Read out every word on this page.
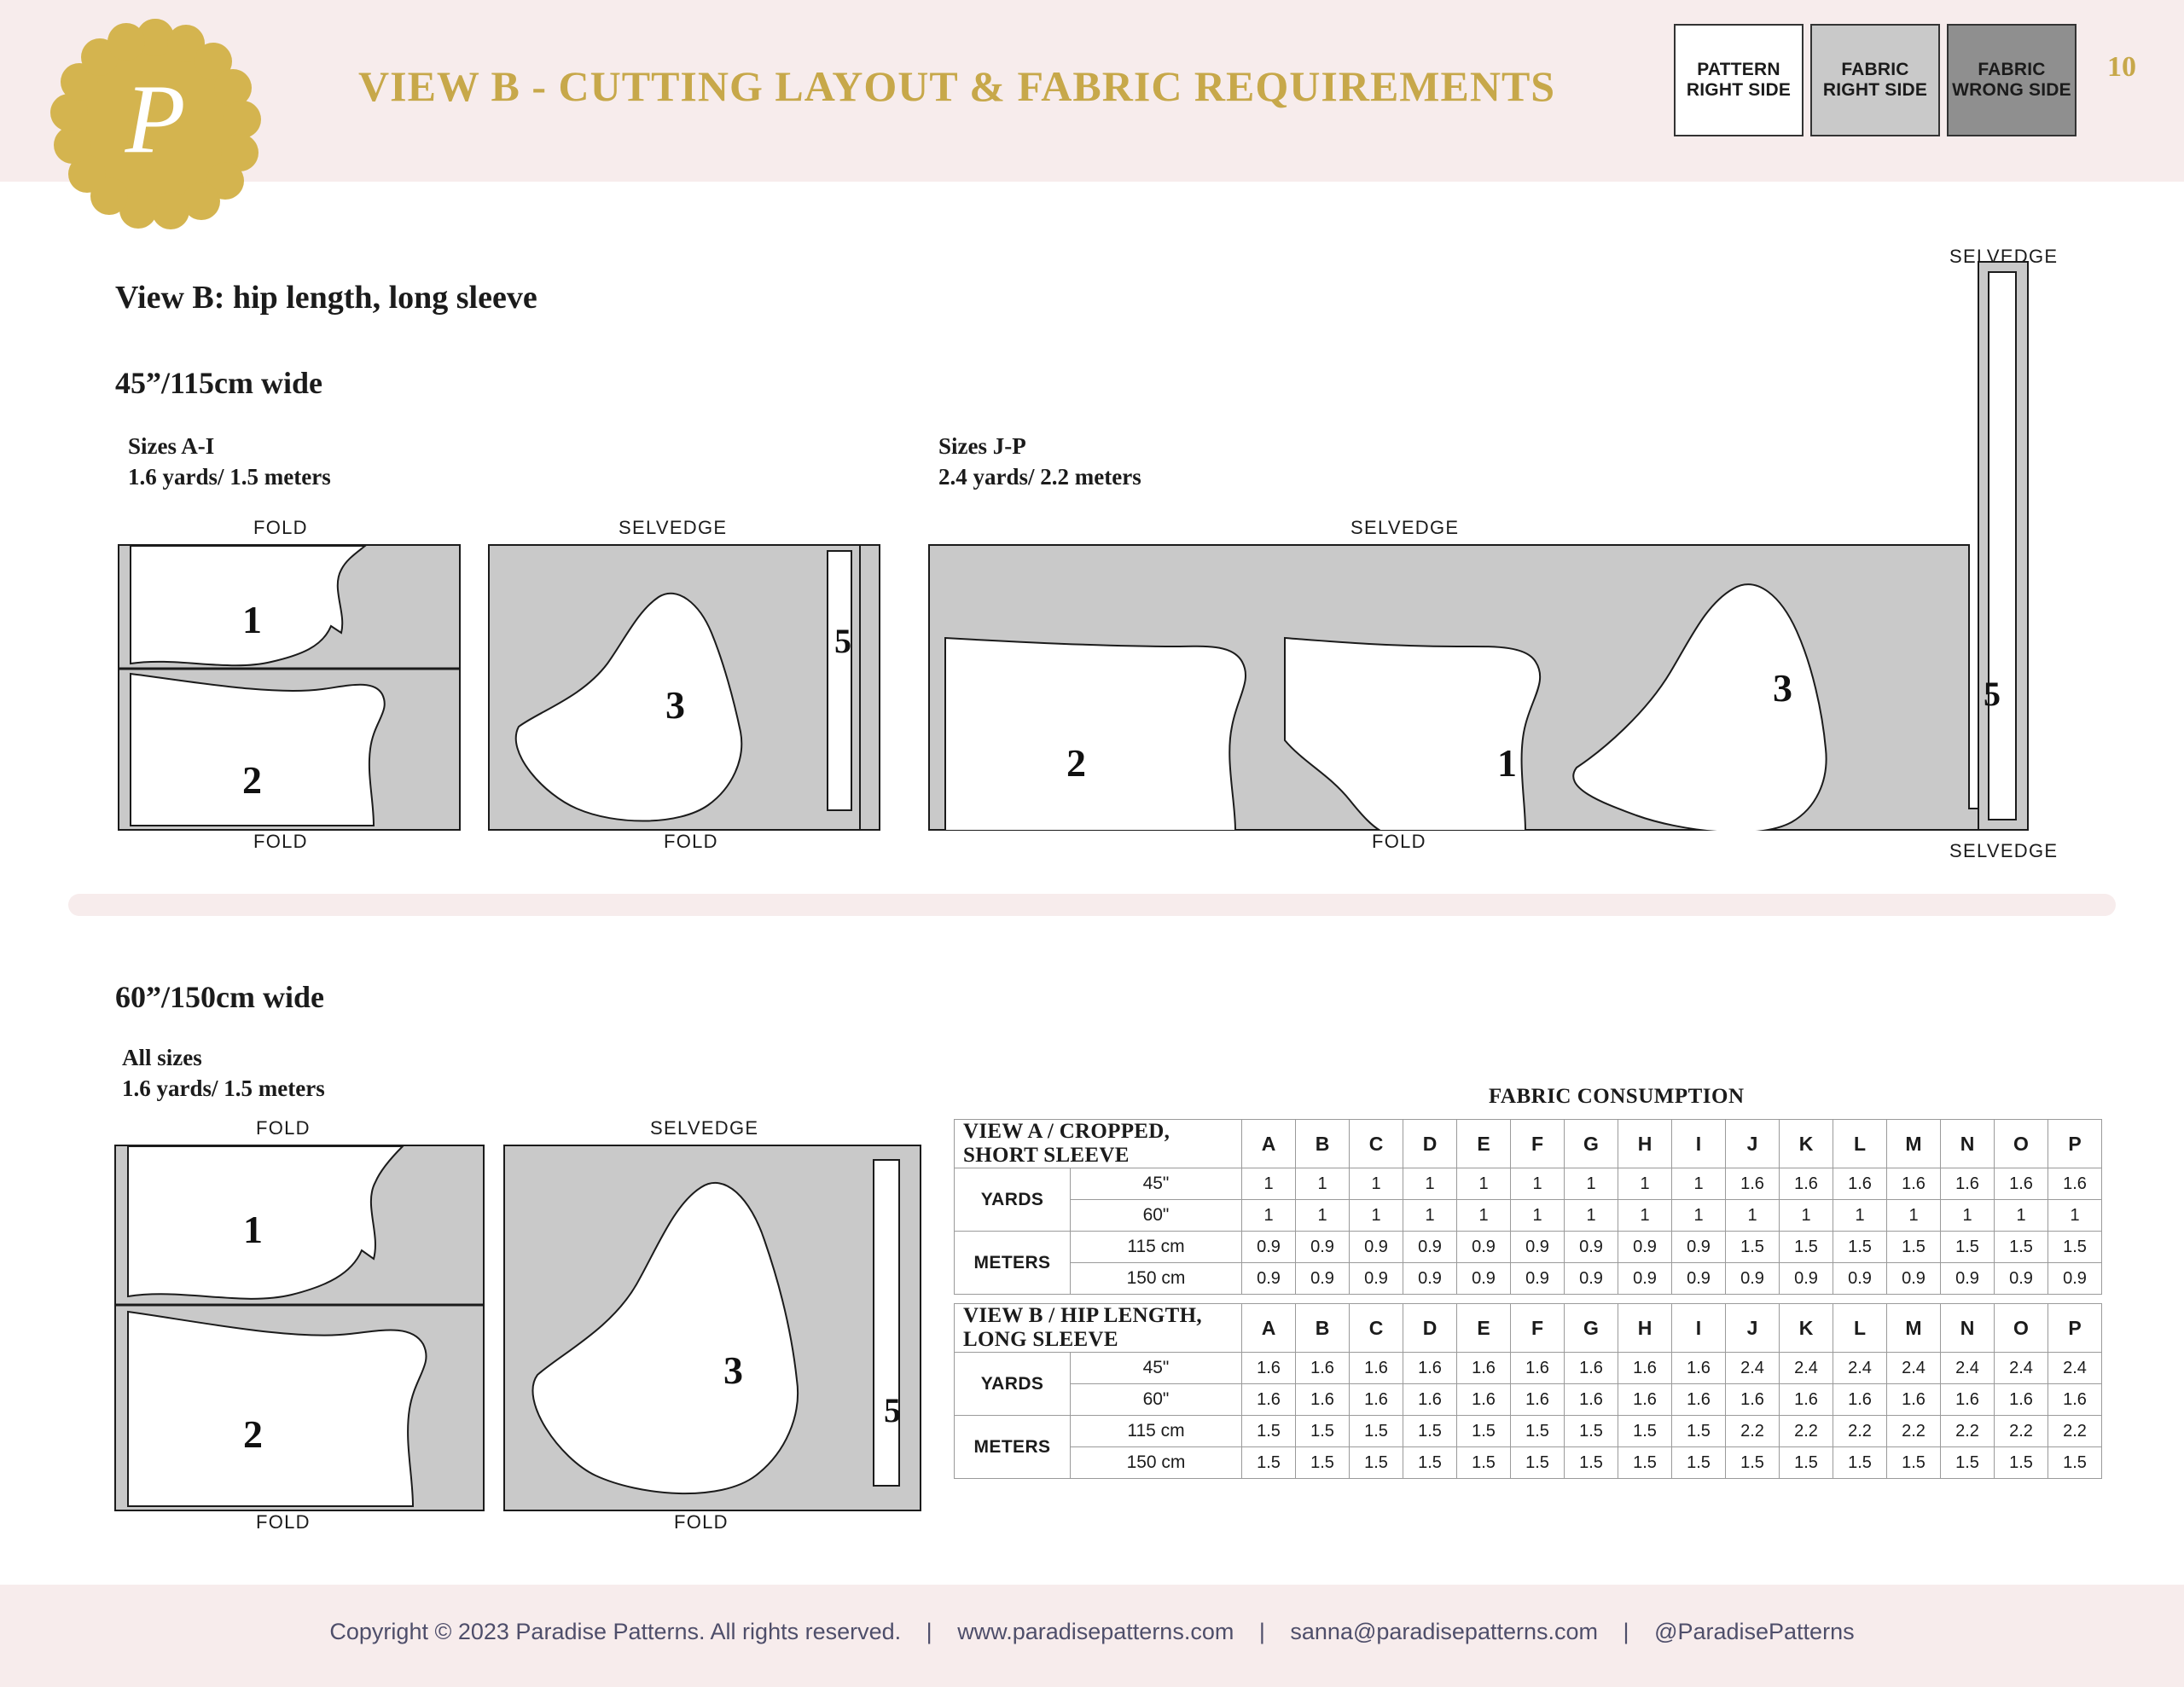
P	VIEW B - CUTTING LAYOUT & FABRIC REQUIREMENTS	10
PATTERN RIGHT SIDE
FABRIC RIGHT SIDE
FABRIC WRONG SIDE
View B: hip length, long sleeve
45”/115cm wide
Sizes A-I
1.6 yards/ 1.5 meters
Sizes J-P
2.4 yards/ 2.2 meters
FOLD
1
2
FOLD
SELVEDGE
3
5
FOLD
SELVEDGE
SELVEDGE
SELVEDGE
2	1
3	5
FOLD
60”/150cm wide
All sizes
1.6 yards/ 1.5 meters
FOLD
1
2
FOLD
SELVEDGE
3
5
FOLD
FABRIC CONSUMPTION
VIEW A / CROPPED, SHORT SLEEVE		A	B	C	D	E	F	G	H	I	J	K	L	M	N	O	P
YARDS	45"	1	1	1	1	1	1	1	1	1	1.6	1.6	1.6	1.6	1.6	1.6	1.6
	60"	1	1	1	1	1	1	1	1	1	1	1	1	1	1	1	1
METERS	115 cm	0.9	0.9	0.9	0.9	0.9	0.9	0.9	0.9	0.9	1.5	1.5	1.5	1.5	1.5	1.5	1.5
	150 cm	0.9	0.9	0.9	0.9	0.9	0.9	0.9	0.9	0.9	0.9	0.9	0.9	0.9	0.9	0.9	0.9
VIEW B / HIP LENGTH, LONG SLEEVE		A	B	C	D	E	F	G	H	I	J	K	L	M	N	O	P
YARDS	45"	1.6	1.6	1.6	1.6	1.6	1.6	1.6	1.6	1.6	2.4	2.4	2.4	2.4	2.4	2.4	2.4
	60"	1.6	1.6	1.6	1.6	1.6	1.6	1.6	1.6	1.6	1.6	1.6	1.6	1.6	1.6	1.6	1.6
METERS	115 cm	1.5	1.5	1.5	1.5	1.5	1.5	1.5	1.5	1.5	2.2	2.2	2.2	2.2	2.2	2.2	2.2
	150 cm	1.5	1.5	1.5	1.5	1.5	1.5	1.5	1.5	1.5	1.5	1.5	1.5	1.5	1.5	1.5	1.5
Copyright © 2023 Paradise Patterns. All rights reserved. | www.paradisepatterns.com | sanna@paradisepatterns.com | @ParadisePatterns
